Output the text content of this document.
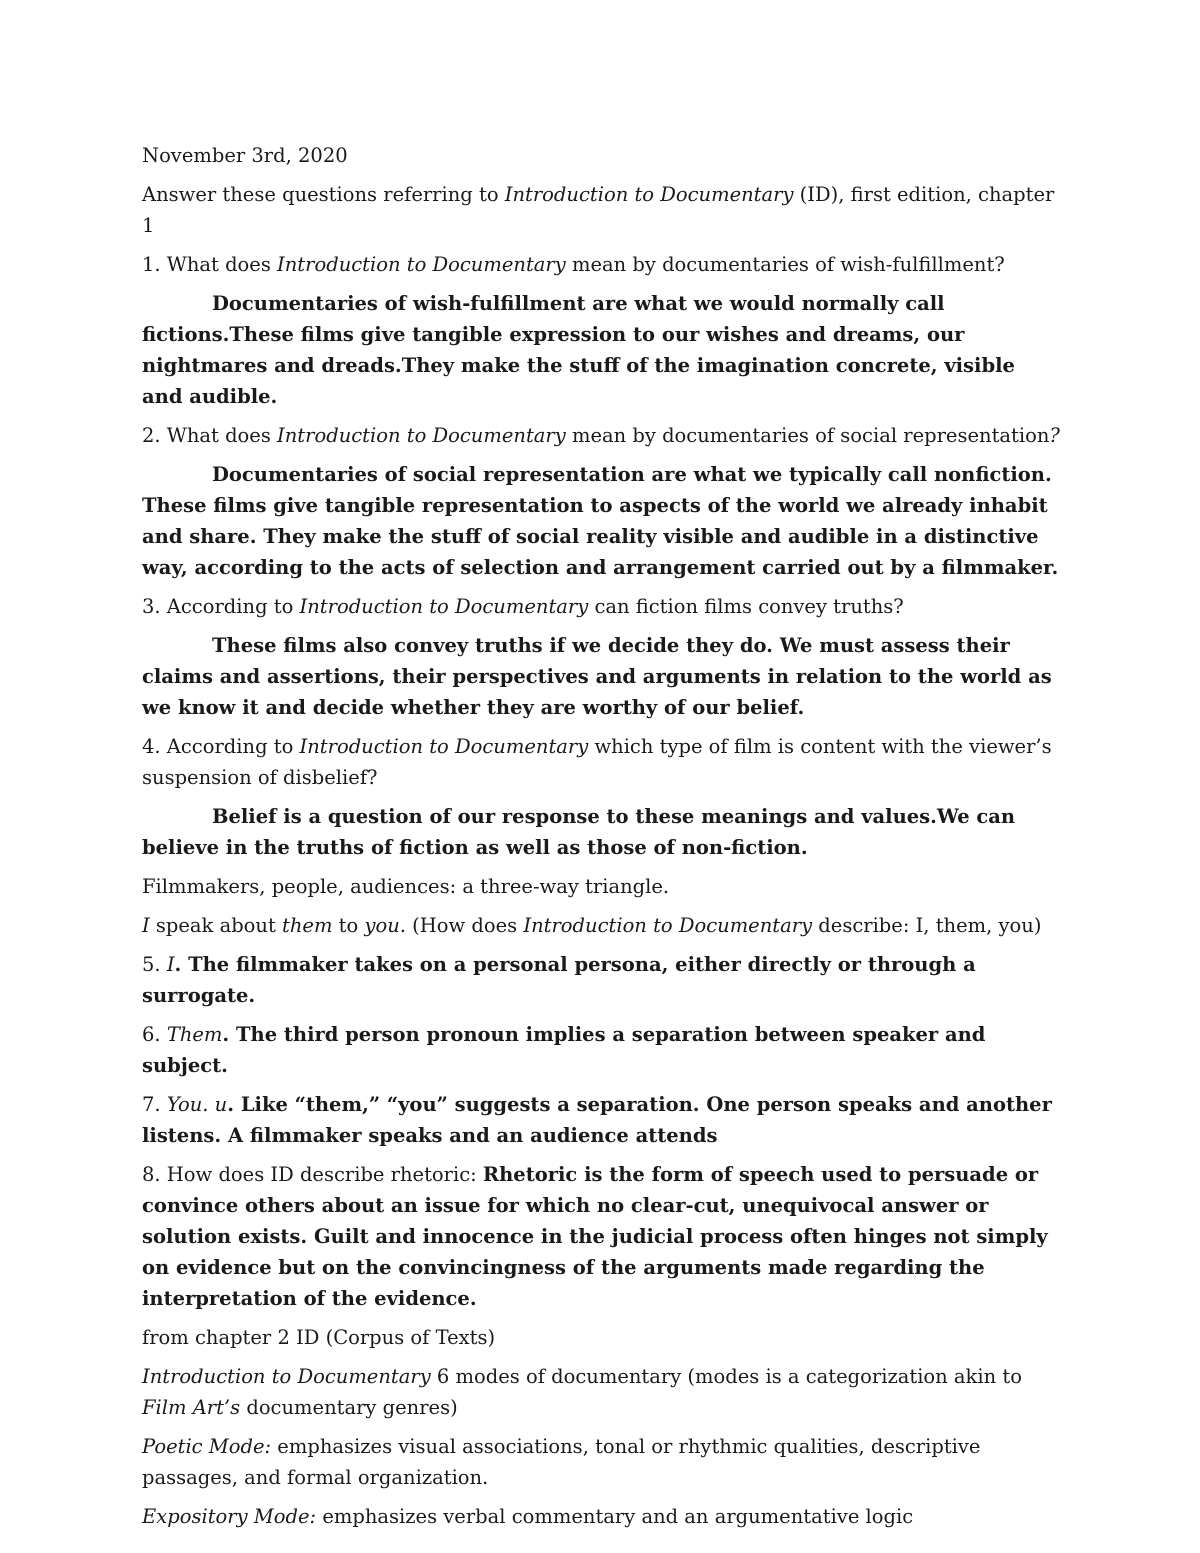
November 3rd, 2020

Answer these questions referring to Introduction to Documentary (ID), first edition, chapter 1

1. What does Introduction to Documentary mean by documentaries of wish-fulfillment?

Documentaries of wish-fulfillment are what we would normally call fictions.These films give tangible expression to our wishes and dreams, our nightmares and dreads.They make the stuff of the imagination concrete, visible and audible.

2. What does Introduction to Documentary mean by documentaries of social representation?

Documentaries of social representation are what we typically call nonfiction. These films give tangible representation to aspects of the world we already inhabit and share. They make the stuff of social reality visible and audible in a distinctive way, according to the acts of selection and arrangement carried out by a filmmaker.

3. According to Introduction to Documentary can fiction films convey truths?

These films also convey truths if we decide they do. We must assess their claims and assertions, their perspectives and arguments in relation to the world as we know it and decide whether they are worthy of our belief.

4. According to Introduction to Documentary which type of film is content with the viewer’s suspension of disbelief?

Belief is a question of our response to these meanings and values.We can believe in the truths of fiction as well as those of non-fiction.

Filmmakers, people, audiences: a three-way triangle.

I speak about them to you. (How does Introduction to Documentary describe: I, them, you)

5. I. The filmmaker takes on a personal persona, either directly or through a surrogate.

6. Them. The third person pronoun implies a separation between speaker and subject.

7. You. u. Like “them,” “you” suggests a separation. One person speaks and another listens. A filmmaker speaks and an audience attends

8. How does ID describe rhetoric: Rhetoric is the form of speech used to persuade or convince others about an issue for which no clear-cut, unequivocal answer or solution exists. Guilt and innocence in the judicial process often hinges not simply on evidence but on the convincingness of the arguments made regarding the interpretation of the evidence.

from chapter 2 ID (Corpus of Texts)

Introduction to Documentary 6 modes of documentary (modes is a categorization akin to Film Art’s documentary genres)

Poetic Mode: emphasizes visual associations, tonal or rhythmic qualities, descriptive passages, and formal organization.

Expository Mode: emphasizes verbal commentary and an argumentative logic
